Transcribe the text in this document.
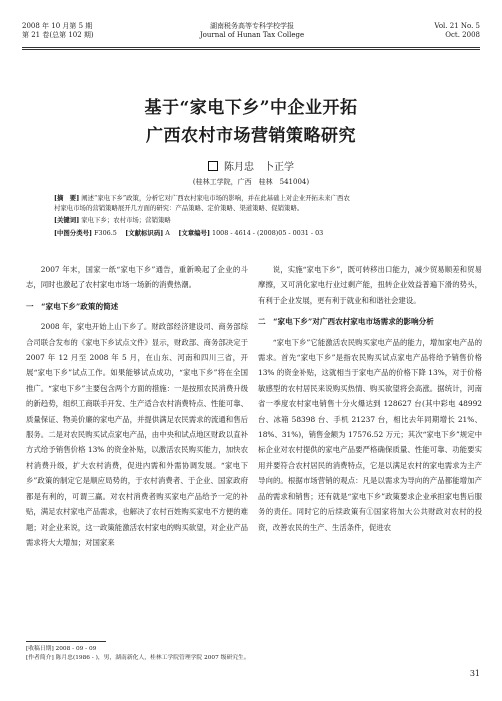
2008 年 10 月第 5 期
第 21 卷(总第 102 期)
湖南税务高等专科学校学报
Journal of Hunan Tax College
Vol. 21 No. 5
Oct. 2008
基于“家电下乡”中企业开拓
广西农村市场营销策略研究
陈月忠　卜正学
(桂林工学院，广西　桂林　541004)
[摘　要] 阐述“家电下乡”政策，分析它对广西农村家电市场的影响，并在此基础上对企业开拓未来广西农
村家电市场的营销策略展开几方面的研究：产品策略、定价策略、渠道策略、促销策略。
[关键词] 家电下乡；农村市场；营销策略
[中图分类号] F306.5　 [文献标识码] A　 [文章编号] 1008 - 4614 - (2008)05 - 0031 - 03

2007 年末，国家一纸“家电下乡”通告，重新唤起了企业的斗志，同时也激起了农村家电市场一场新的消费热潮。

一　“家电下乡”政策的简述

2008 年，家电开始上山下乡了。财政部经济建设司、商务部综合司联合发布的《家电下乡试点文件》显示，财政部、商务部决定于 2007 年 12 月至 2008 年 5 月，在山东、河南和四川三省，开展“家电下乡”试点工作。如果能够试点成功，“家电下乡”将在全国推广。“家电下乡”主要包含两个方面的措施：一是按照农民消费升级的新趋势，组织工商联手开发、生产适合农村消费特点、性能可靠、质量保证、物美价廉的家电产品，并提供满足农民需求的流通和售后服务。二是对农民购买试点家电产品，由中央和试点地区财政以直补方式给予销售价格 13% 的资金补贴，以激活农民购买能力，加快农村消费升级，扩大农村消费，促进内需和外需协调发展。“家电下乡”政策的制定它是顺应局势的，于农村消费者、于企业、国家政府都是有利的，可谓三赢。对农村消费者购买家电产品给予一定的补贴，满足农村家电产品需求，也解决了农村百姓购买家电不方便的难题；对企业来说，这一政策能激活农村家电的购买欲望，对企业产品需求将大大增加；对国家来

说，实施“家电下乡”，既可转移出口能力，减少贸易顺差和贸易摩擦，又可消化家电行业过剩产能，扭转企业效益普遍下滑的势头，有利于企业发展，更有利于就业和和谐社会建设。

二　“家电下乡”对广西农村家电市场需求的影响分析

“家电下乡”它能激活农民购买家电产品的能力，增加家电产品的需求。首先“家电下乡”是指农民购买试点家电产品将给予销售价格 13% 的资金补贴，这就相当于家电产品的价格下降 13%，对于价格敏感型的农村居民来说购买热情、购买欲望将会高涨。据统计，河南省一季度农村家电销售十分火爆达到 128627 台(其中彩电 48992 台、冰箱 58398 台、手机 21237 台，相比去年同期增长 21%、18%、31%)，销售金额为 17576.52 万元；其次“家电下乡”规定中标企业对农村提供的家电产品要严格确保质量、性能可靠、功能要实用并要符合农村居民的消费特点，它是以满足农村的家电需求为主产导向的。根据市场营销的观点：凡是以需求为导向的产品都能增加产品的需求和销售；还有就是“家电下乡”政策要求企业承担家电售后服务的责任。同时它的后续政策有①国家将加大公共财政对农村的投资，改善农民的生产、生活条件，促进农

[收稿日期] 2008 - 09 - 09
[作者简介] 陈月忠(1986 - )，男，湖南新化人，桂林工学院管理学院 2007 级研究生。
31
